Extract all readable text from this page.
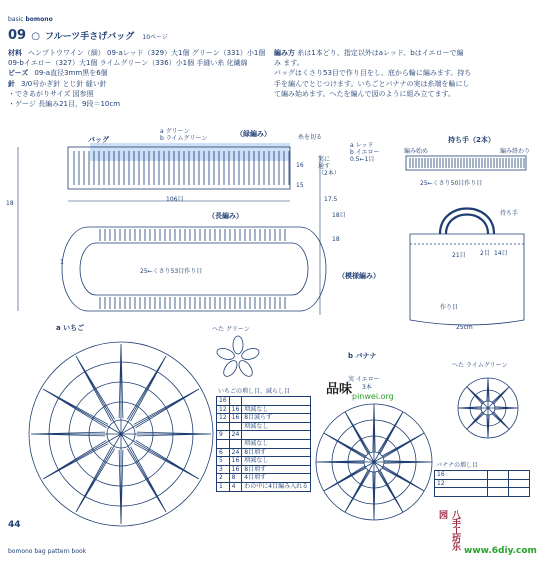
basic bomono
09 ○ フルーツ手さげバッグ 10ページ
材料 ヘンプトウワイン（細） 09-aレッド（329）大1個 グリーン（331）小1個 09-bイエロー（327）大1個 ライムグリーン（336）小1個 手縫い糸 化繊綿
ビーズ 09-a直径3mm黒を6個
針 3/0号かぎ針 とじ針 縫い針
・できあがりサイズ 図参照
・ゲージ 長編み21目，9段＝10cm
編み方 糸は1本どり、指定以外はaレッド、bはイエローで編
み ます。
バッグはくさり53目で作り目をし、底から輪に編みます。持ち
手を編んでとじつけます。いちごとバナナの実は糸端を輪にし
て編み始めます。へたを編んで図のように組み立てます。
バッグ
a グリーン
b ライムグリーン
（緑編み）	糸を切る
16
15
実に
通す
（2本）
a レッド
b イエロー
0.5←1目
18
106目
（長編み）
17.5
18目
18
1
25←くさり53目作り目
（模様編み）
持ち手（2本）
編み始め	編み終わり
25←くさり50目作り目
持ち手
21目 2目 14目
作り目
25cm
a いちご	へた グリーン
いちごの増し目，減らし目
16		
12	16	増減なし
12	16	8目減らす
		増減なし
9	24	
		増減なし
6	24	8目増す
5	16	増減なし
3	16	8目増す
2	8	4目増す
1	4	わの中に4目編み入れる
b バナナ
実 イエロー
3本
へた ライムグリーン
バナナの増し目
16		
12		

品味 pinwei.org
八手工坊乐园
www.6diy.com
44
bomono bag pattern book
